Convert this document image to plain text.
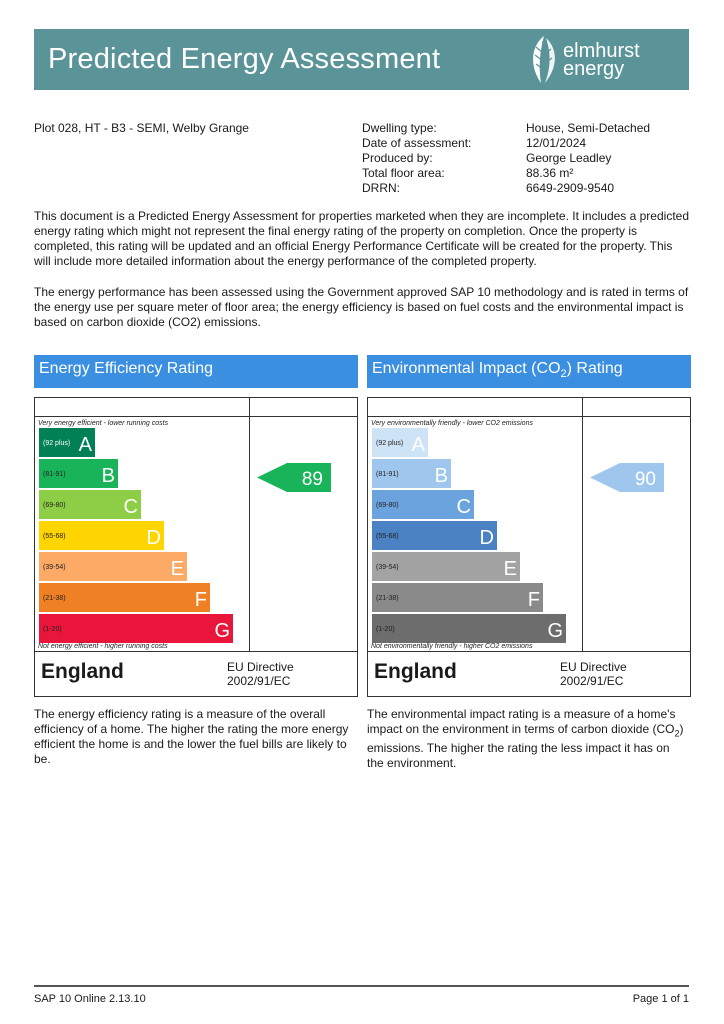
Predicted Energy Assessment	elmhurst
energy
Plot 028, HT - B3 - SEMI, Welby Grange	Dwelling type:	House, Semi-Detached
Date of assessment:	12/01/2024
Produced by:	George Leadley
Total floor area:	88.36 m²
DRRN:	6649-2909-9540
This document is a Predicted Energy Assessment for properties marketed when they are incomplete. It includes a predicted energy rating which might not represent the final energy rating of the property on completion. Once the property is completed, this rating will be updated and an official Energy Performance Certificate will be created for the property. This will include more detailed information about the energy performance of the completed property.
The energy performance has been assessed using the Government approved SAP 10 methodology and is rated in terms of the energy use per square meter of floor area; the energy efficiency is based on fuel costs and the environmental impact is based on carbon dioxide (CO2) emissions.
Energy Efficiency Rating	Environmental Impact $(CO_2)$ Rating
Very energy efficient - lower running costs
(92 plus) A
(81-91) B
(69-80)	C
(55-68)	D
(39-54)	E
(21-38)	F
(1-20)	G
Not energy efficient - higher running costs
89
England	EU Directive
2002/91/EC
Very environmentally friendly - lower CO2 emissions
(92 plus) A
(81-91) B
(69-80)	C
(55-68)	D
(39-54)	E
(21-38)	F
(1-20)	G
Not environmentally friendly - higher CO2 emissions
90
England	EU Directive
2002/91/EC
The energy efficiency rating is a measure of the overall efficiency of a home. The higher the rating the more energy efficient the home is and the lower the fuel bills are likely to be.
The environmental impact rating is a measure of a home's impact on the environment in terms of carbon dioxide $(CO_2)$ emissions. The higher the rating the less impact it has on the environment.
SAP 10 Online 2.13.10	Page 1 of 1
